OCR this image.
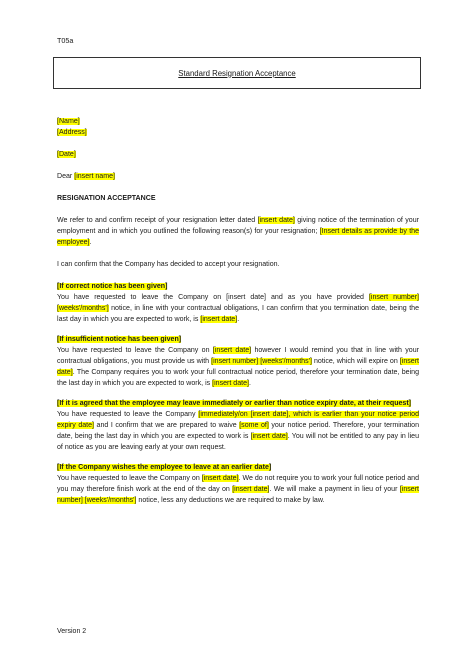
T05a
Standard Resignation Acceptance

[Name]

[Address]

[Date]

Dear [insert name]

RESIGNATION ACCEPTANCE

We refer to and confirm receipt of your resignation letter dated [insert date] giving notice of the termination of your employment and in which you outlined the following reason(s) for your resignation; [Insert details as provide by the employee].

I can confirm that the Company has decided to accept your resignation.

[If correct notice has been given]

You have requested to leave the Company on [insert date] and as you have provided [insert number] [weeks'/months'] notice, in line with your contractual obligations, I can confirm that you termination date, being the last day in which you are expected to work, is [insert date].

[If insufficient notice has been given]

You have requested to leave the Company on [insert date] however I would remind you that in line with your contractual obligations, you must provide us with [insert number] [weeks'/months'] notice, which will expire on [insert date]. The Company requires you to work your full contractual notice period, therefore your termination date, being the last day in which you are expected to work, is [insert date].

[If it is agreed that the employee may leave immediately or earlier than notice expiry date, at their request]

You have requested to leave the Company [immediately/on [insert date], which is earlier than your notice period expiry date] and I confirm that we are prepared to waive [some of] your notice period. Therefore, your termination date, being the last day in which you are expected to work is [insert date]. You will not be entitled to any pay in lieu of notice as you are leaving early at your own request.

[If the Company wishes the employee to leave at an earlier date]

You have requested to leave the Company on [insert date]. We do not require you to work your full notice period and you may therefore finish work at the end of the day on [insert date]. We will make a payment in lieu of your [insert number] [weeks'/months'] notice, less any deductions we are required to make by law.

Version 2
